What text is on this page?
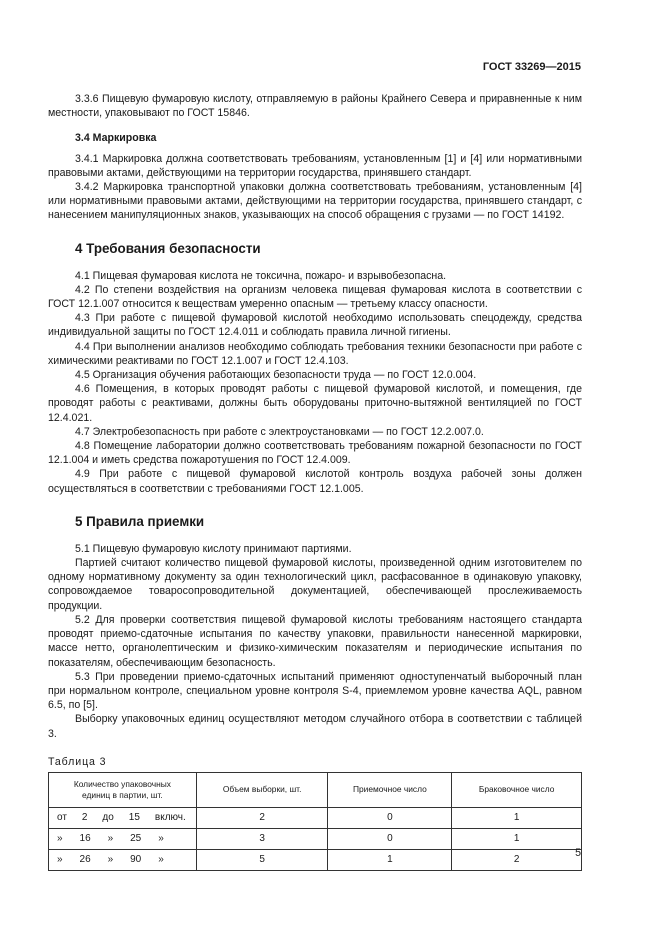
ГОСТ 33269—2015

3.3.6 Пищевую фумаровую кислоту, отправляемую в районы Крайнего Севера и приравненные к ним местности, упаковывают по ГОСТ 15846.

3.4 Маркировка

3.4.1 Маркировка должна соответствовать требованиям, установленным [1] и [4] или нормативными правовыми актами, действующими на территории государства, принявшего стандарт.

3.4.2 Маркировка транспортной упаковки должна соответствовать требованиям, установленным [4] или нормативными правовыми актами, действующими на территории государства, принявшего стандарт, с нанесением манипуляционных знаков, указывающих на способ обращения с грузами — по ГОСТ 14192.

4 Требования безопасности

4.1 Пищевая фумаровая кислота не токсична, пожаро- и взрывобезопасна.

4.2 По степени воздействия на организм человека пищевая фумаровая кислота в соответствии с ГОСТ 12.1.007 относится к веществам умеренно опасным — третьему классу опасности.

4.3 При работе с пищевой фумаровой кислотой необходимо использовать спецодежду, средства индивидуальной защиты по ГОСТ 12.4.011 и соблюдать правила личной гигиены.

4.4 При выполнении анализов необходимо соблюдать требования техники безопасности при работе с химическими реактивами по ГОСТ 12.1.007 и ГОСТ 12.4.103.

4.5 Организация обучения работающих безопасности труда — по ГОСТ 12.0.004.

4.6 Помещения, в которых проводят работы с пищевой фумаровой кислотой, и помещения, где проводят работы с реактивами, должны быть оборудованы приточно-вытяжной вентиляцией по ГОСТ 12.4.021.

4.7 Электробезопасность при работе с электроустановками — по ГОСТ 12.2.007.0.

4.8 Помещение лаборатории должно соответствовать требованиям пожарной безопасности по ГОСТ 12.1.004 и иметь средства пожаротушения по ГОСТ 12.4.009.

4.9 При работе с пищевой фумаровой кислотой контроль воздуха рабочей зоны должен осуществляться в соответствии с требованиями ГОСТ 12.1.005.

5 Правила приемки

5.1 Пищевую фумаровую кислоту принимают партиями.

Партией считают количество пищевой фумаровой кислоты, произведенной одним изготовителем по одному нормативному документу за один технологический цикл, расфасованное в одинаковую упаковку, сопровождаемое товаросопроводительной документацией, обеспечивающей прослеживаемость продукции.

5.2 Для проверки соответствия пищевой фумаровой кислоты требованиям настоящего стандарта проводят приемо-сдаточные испытания по качеству упаковки, правильности нанесенной маркировки, массе нетто, органолептическим и физико-химическим показателям и периодические испытания по показателям, обеспечивающим безопасность.

5.3 При проведении приемо-сдаточных испытаний применяют одноступенчатый выборочный план при нормальном контроле, специальном уровне контроля S-4, приемлемом уровне качества AQL, равном 6.5, по [5].

Выборку упаковочных единиц осуществляют методом случайного отбора в соответствии с таблицей 3.

Таблица 3
Количество упаковочных единиц в партии, шт.	Объем выборки, шт.	Приемочное число	Браковочное число

от 2 до 15 включ.	2	0	1

» 16 » 25 »	3	0	1

» 26 » 90 »	5	1	2
5
